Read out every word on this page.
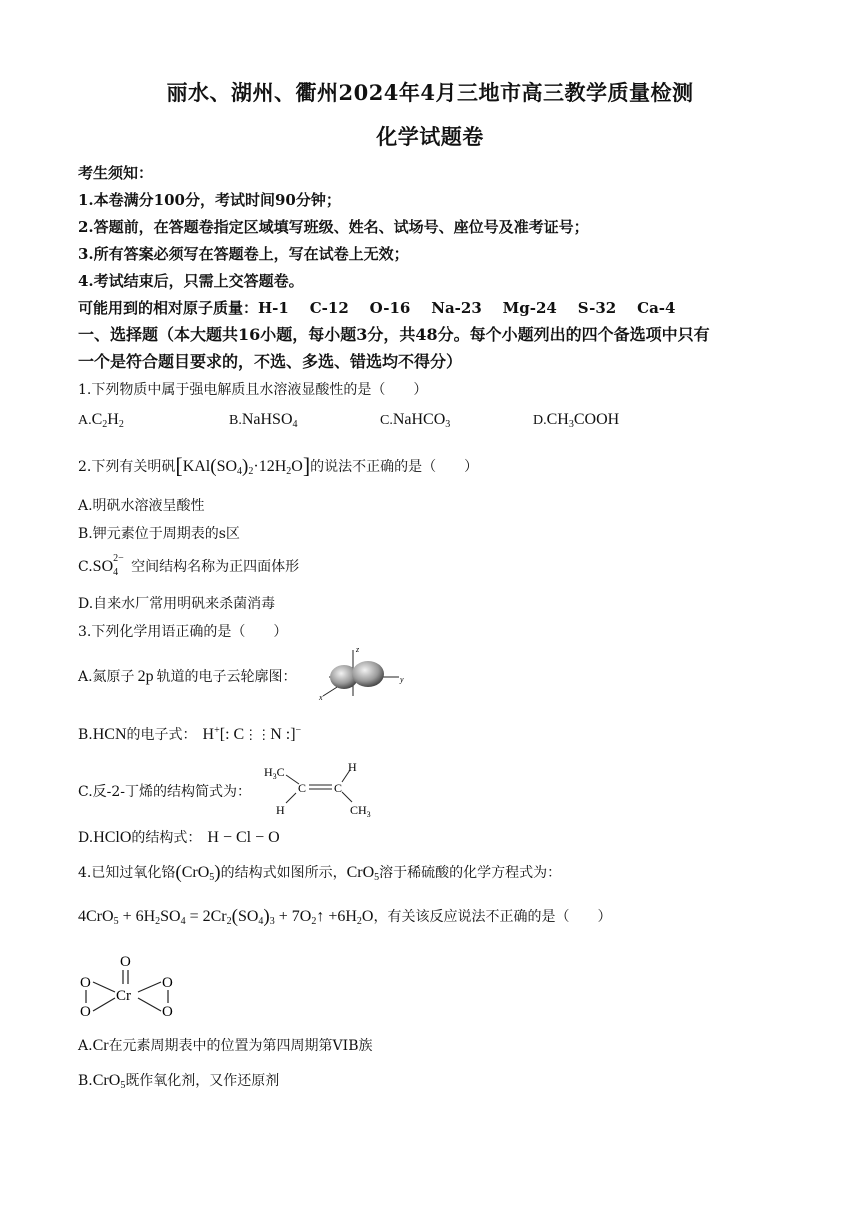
丽水、湖州、衢州2024年4月三地市高三教学质量检测
化学试题卷
考生须知：
1.本卷满分100分，考试时间90分钟；
2.答题前，在答题卷指定区域填写班级、姓名、试场号、座位号及准考证号；
3.所有答案必须写在答题卷上，写在试卷上无效；
4.考试结束后，只需上交答题卷。
可能用到的相对原子质量：H-1    C-12    O-16    Na-23    Mg-24    S-32    Ca-4
一、选择题（本大题共16小题，每小题3分，共48分。每个小题列出的四个备选项中只有
一个是符合题目要求的，不选、多选、错选均不得分）
1.下列物质中属于强电解质且水溶液显酸性的是（　　）
$A.C_2H_2$	B.NaHSO$_4$	C.NaHCO$_3$	$D.CH_3COOH$
2.下列有关明矾$[KAl(SO_4)_2\cdot 12H_2O]$的说法不正确的是（　　）
A.明矾水溶液呈酸性
B.钾元素位于周期表的s区
C.SO 2−
4 空间结构名称为正四面体形
D.自来水厂常用明矾来杀菌消毒
3.下列化学用语正确的是（　　）
A.氮原子 2p 轨道的电子云轮廓图：
z
y
x
B.HCN的电子式： H+[: C⋮⋮N :]−
C.反-2-丁烯的结构简式为：
$H_3C$
C
H
C
H
$CH_3$
D.HClO的结构式： H − Cl − O
4.已知过氧化铬(CrO$_5$)的结构式如图所示，CrO$_5$溶于稀硫酸的化学方程式为：
$4CrO_5 + 6H_2SO_4 = 2Cr_2(SO_4)_3$ + $7O_2↑ +6H_2O$，有关该反应说法不正确的是（　　）
O
Cr
O
O
O
O
A.Cr在元素周期表中的位置为第四周期第VIB族
B.CrO$_5$既作氧化剂，又作还原剂
